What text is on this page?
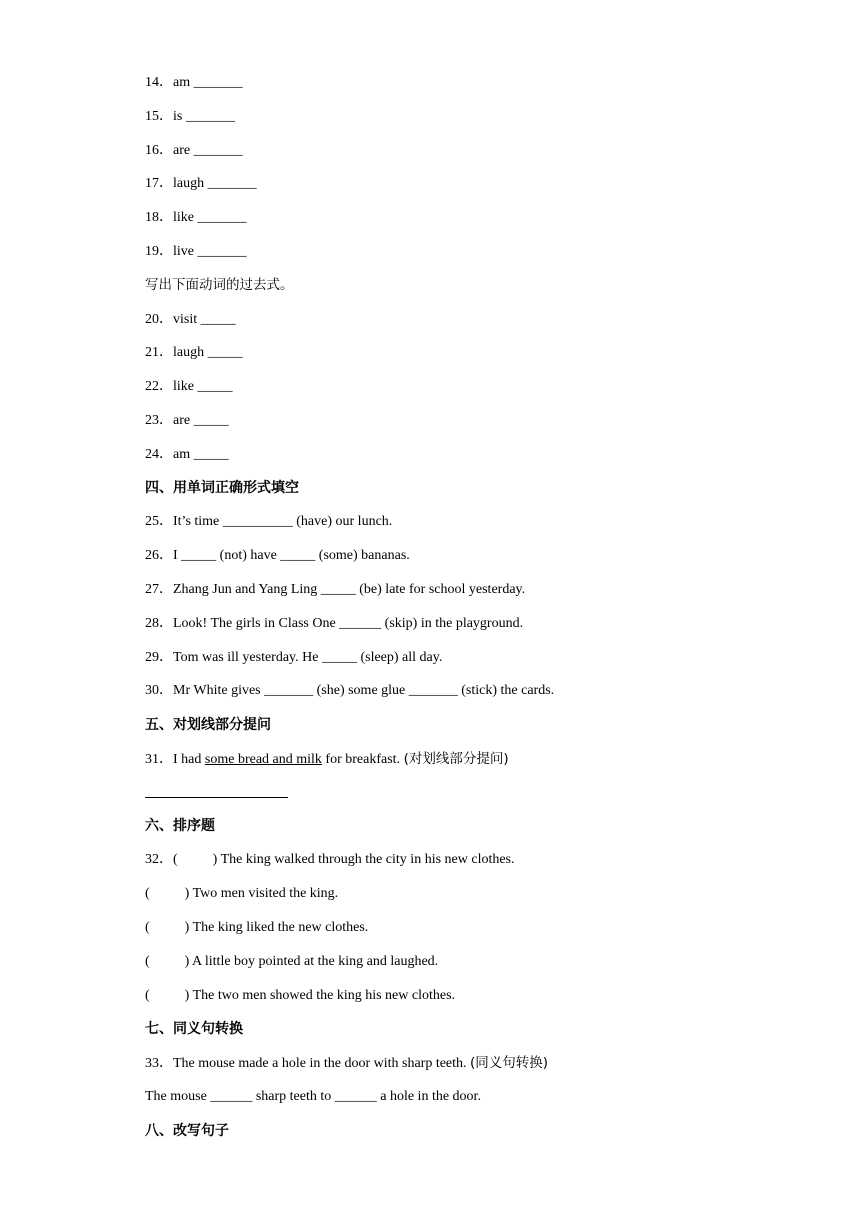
14．am _______
15．is _______
16．are _______
17．laugh _______
18．like _______
19．live _______
写出下面动词的过去式。
20．visit _____
21．laugh _____
22．like _____
23．are _____
24．am _____
四、用单词正确形式填空
25．It’s time __________ (have) our lunch.
26．I _____ (not) have _____ (some) bananas.
27．Zhang Jun and Yang Ling _____ (be) late for school yesterday.
28．Look! The girls in Class One ______ (skip) in the playground.
29．Tom was ill yesterday. He _____ (sleep) all day.
30．Mr White gives _______ (she) some glue _______ (stick) the cards.
五、对划线部分提问
31．I had some bread and milk for breakfast. (对划线部分提问)
六、排序题
32．(          ) The king walked through the city in his new clothes.
(          ) Two men visited the king.
(          ) The king liked the new clothes.
(          ) A little boy pointed at the king and laughed.
(          ) The two men showed the king his new clothes.
七、同义句转换
33．The mouse made a hole in the door with sharp teeth. (同义句转换)
The mouse ______ sharp teeth to ______ a hole in the door.
八、改写句子
